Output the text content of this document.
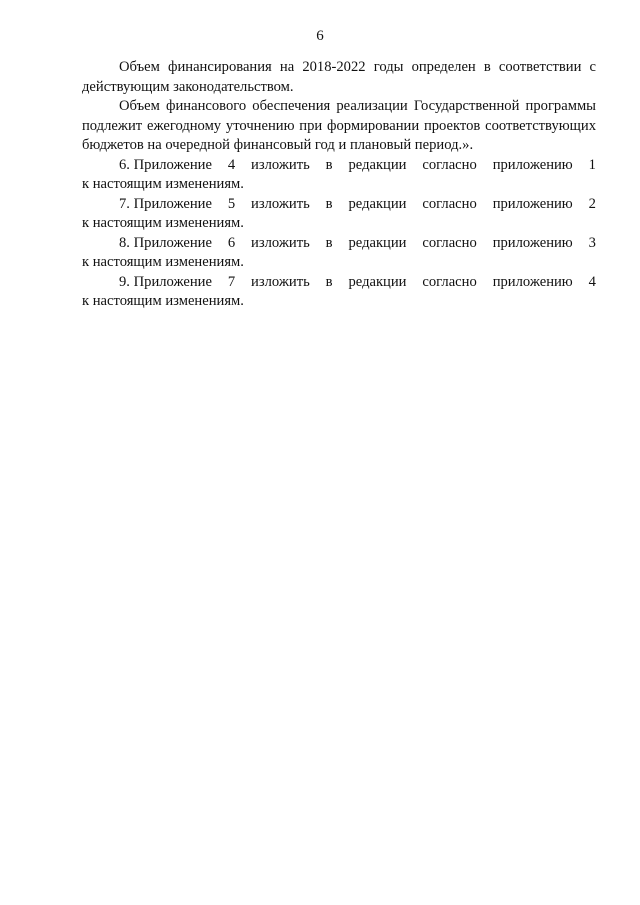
6

Объем финансирования на 2018-2022 годы определен в соответствии с действующим законодательством.

Объем финансового обеспечения реализации Государственной программы подлежит ежегодному уточнению при формировании проектов соответствующих бюджетов на очередной финансовый год и плановый период.».

6. Приложение 4 изложить в редакции согласно приложению 1

к настоящим изменениям.

7. Приложение 5 изложить в редакции согласно приложению 2

к настоящим изменениям.

8. Приложение 6 изложить в редакции согласно приложению 3

к настоящим изменениям.

9. Приложение 7 изложить в редакции согласно приложению 4

к настоящим изменениям.
